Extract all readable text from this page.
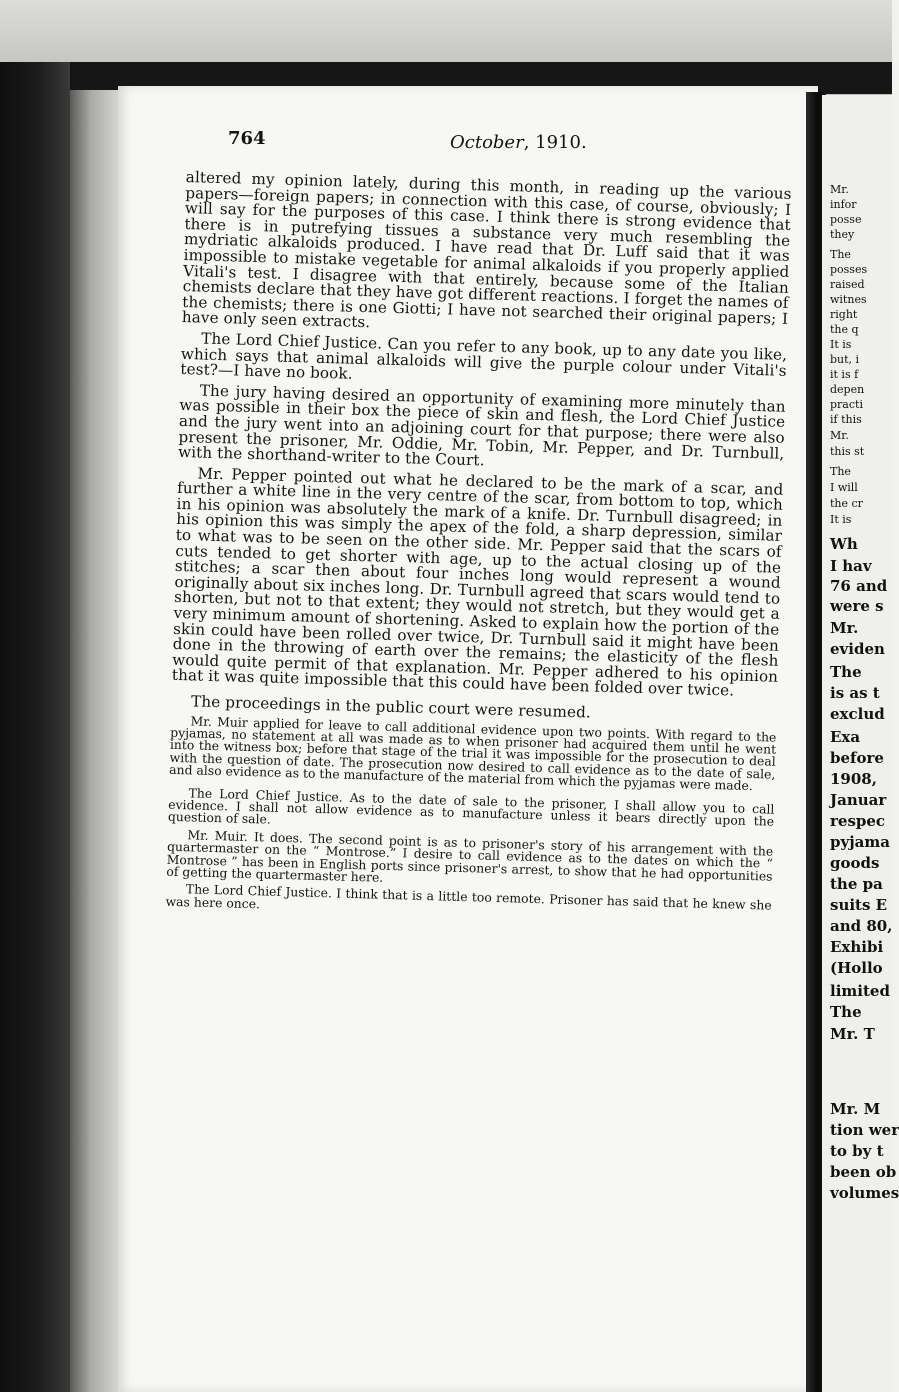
764	October, 1910.

altered my opinion lately, during this month, in reading up the various papers—foreign papers; in connection with this case, of course, obviously; I will say for the purposes of this case. I think there is strong evidence that there is in putrefying tissues a substance very much resembling the mydriatic alkaloids produced. I have read that Dr. Luff said that it was impossible to mistake vegetable for animal alkaloids if you properly applied Vitali's test. I disagree with that entirely, because some of the Italian chemists declare that they have got different reactions. I forget the names of the chemists; there is one Giotti; I have not searched their original papers; I have only seen extracts.

The Lord Chief Justice. Can you refer to any book, up to any date you like, which says that animal alkaloids will give the purple colour under Vitali's test?—I have no book.

The jury having desired an opportunity of examining more minutely than was possible in their box the piece of skin and flesh, the Lord Chief Justice and the jury went into an adjoining court for that purpose; there were also present the prisoner, Mr. Oddie, Mr. Tobin, Mr. Pepper, and Dr. Turnbull, with the shorthand-writer to the Court.

Mr. Pepper pointed out what he declared to be the mark of a scar, and further a white line in the very centre of the scar, from bottom to top, which in his opinion was absolutely the mark of a knife. Dr. Turnbull disagreed; in his opinion this was simply the apex of the fold, a sharp depression, similar to what was to be seen on the other side. Mr. Pepper said that the scars of cuts tended to get shorter with age, up to the actual closing up of the stitches; a scar then about four inches long would represent a wound originally about six inches long. Dr. Turnbull agreed that scars would tend to shorten, but not to that extent; they would not stretch, but they would get a very minimum amount of shortening. Asked to explain how the portion of the skin could have been rolled over twice, Dr. Turnbull said it might have been done in the throwing of earth over the remains; the elasticity of the flesh would quite permit of that explanation. Mr. Pepper adhered to his opinion that it was quite impossible that this could have been folded over twice.

The proceedings in the public court were resumed.

Mr. Muir applied for leave to call additional evidence upon two points. With regard to the pyjamas, no statement at all was made as to when prisoner had acquired them until he went into the witness box; before that stage of the trial it was impossible for the prosecution to deal with the question of date. The prosecution now desired to call evidence as to the date of sale, and also evidence as to the manufacture of the material from which the pyjamas were made.

The Lord Chief Justice. As to the date of sale to the prisoner, I shall allow you to call evidence. I shall not allow evidence as to manufacture unless it bears directly upon the question of sale.

Mr. Muir. It does. The second point is as to prisoner's story of his arrangement with the quartermaster on the “ Montrose.” I desire to call evidence as to the dates on which the “ Montrose ” has been in English ports since prisoner's arrest, to show that he had opportunities of getting the quartermaster here.

The Lord Chief Justice. I think that is a little too remote. Prisoner has said that he knew she was here once.

Mr.

infor

posse

they

The

posses

raised

witnes

right

the q

It is

but, i

it is f

depen

practi

if this

Mr.

this st

The

I will

the cr

It is

Wh

I hav

76 and

were s

Mr.

eviden

The

is as t

exclud

Exa

before

1908,

Januar

respec

pyjama

goods

the pa

suits E

and 80,

Exhibi

(Hollo

limited

The

Mr. T

Mr. M

tion wer

to by t

been ob

volumes
